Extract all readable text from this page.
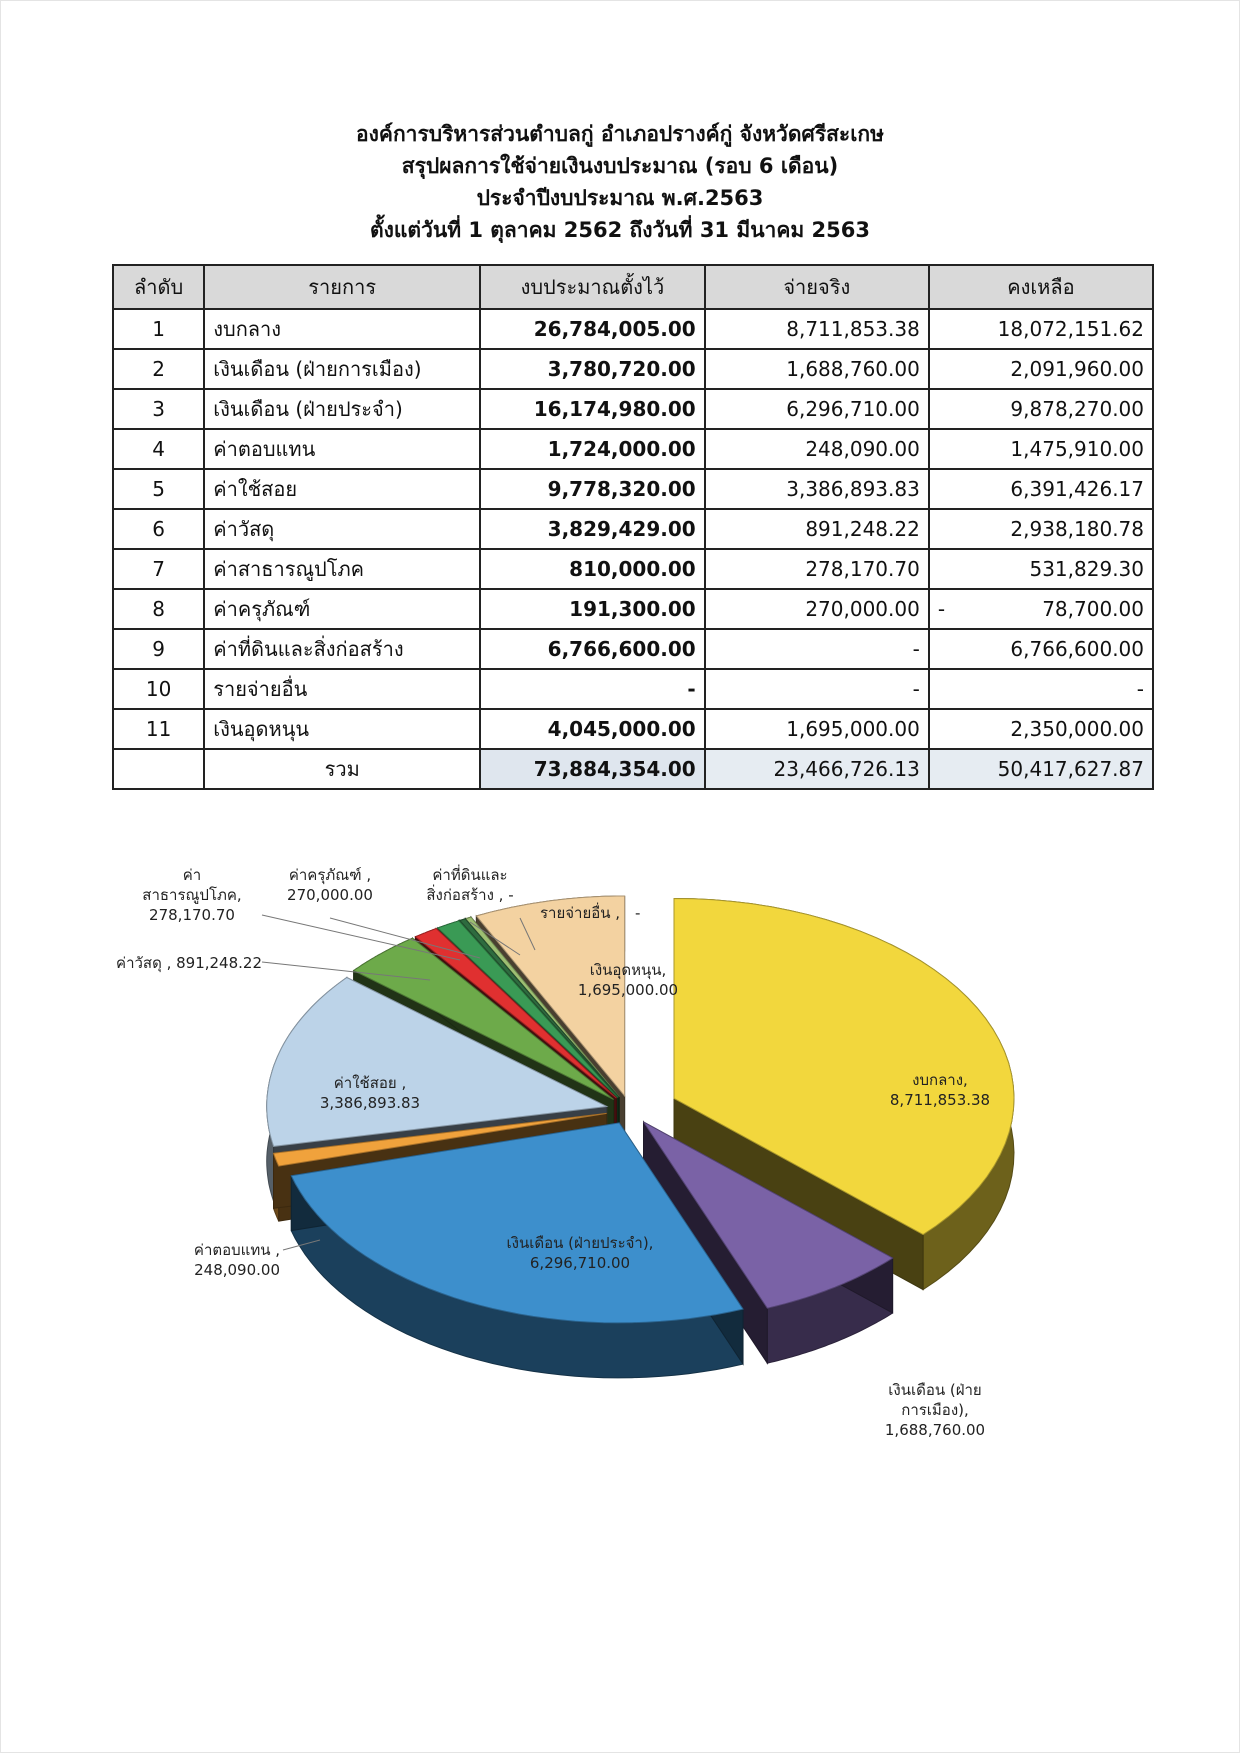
องค์การบริหารส่วนตำบลกู่ อำเภอปรางค์กู่ จังหวัดศรีสะเกษ
สรุปผลการใช้จ่ายเงินงบประมาณ (รอบ 6 เดือน)
ประจำปีงบประมาณ พ.ศ.2563
ตั้งแต่วันที่ 1 ตุลาคม 2562 ถึงวันที่ 31 มีนาคม 2563
ลำดับ	รายการ	งบประมาณตั้งไว้	จ่ายจริง	คงเหลือ
1	งบกลาง	26,784,005.00	8,711,853.38	18,072,151.62
2	เงินเดือน (ฝ่ายการเมือง)	3,780,720.00	1,688,760.00	2,091,960.00
3	เงินเดือน (ฝ่ายประจำ)	16,174,980.00	6,296,710.00	9,878,270.00
4	ค่าตอบแทน	1,724,000.00	248,090.00	1,475,910.00
5	ค่าใช้สอย	9,778,320.00	3,386,893.83	6,391,426.17
6	ค่าวัสดุ	3,829,429.00	891,248.22	2,938,180.78
7	ค่าสาธารณูปโภค	810,000.00	278,170.70	531,829.30
8	ค่าครุภัณฑ์	191,300.00	270,000.00	- 78,700.00
9	ค่าที่ดินและสิ่งก่อสร้าง	6,766,600.00	-	6,766,600.00
10	รายจ่ายอื่น	-	-	-
11	เงินอุดหนุน	4,045,000.00	1,695,000.00	2,350,000.00
	รวม	73,884,354.00	23,466,726.13	50,417,627.87
งบกลาง, 8,711,853.38
เงินเดือน (ฝ่ายการเมือง), 1,688,760.00
เงินเดือน (ฝ่ายประจำ), 6,296,710.00
ค่าตอบแทน , 248,090.00
ค่าใช้สอย , 3,386,893.83
ค่าวัสดุ , 891,248.22
ค่าสาธารณูปโภค, 278,170.70
ค่าครุภัณฑ์ , 270,000.00
ค่าที่ดินและสิ่งก่อสร้าง , -
รายจ่ายอื่น , -
เงินอุดหนุน, 1,695,000.00
